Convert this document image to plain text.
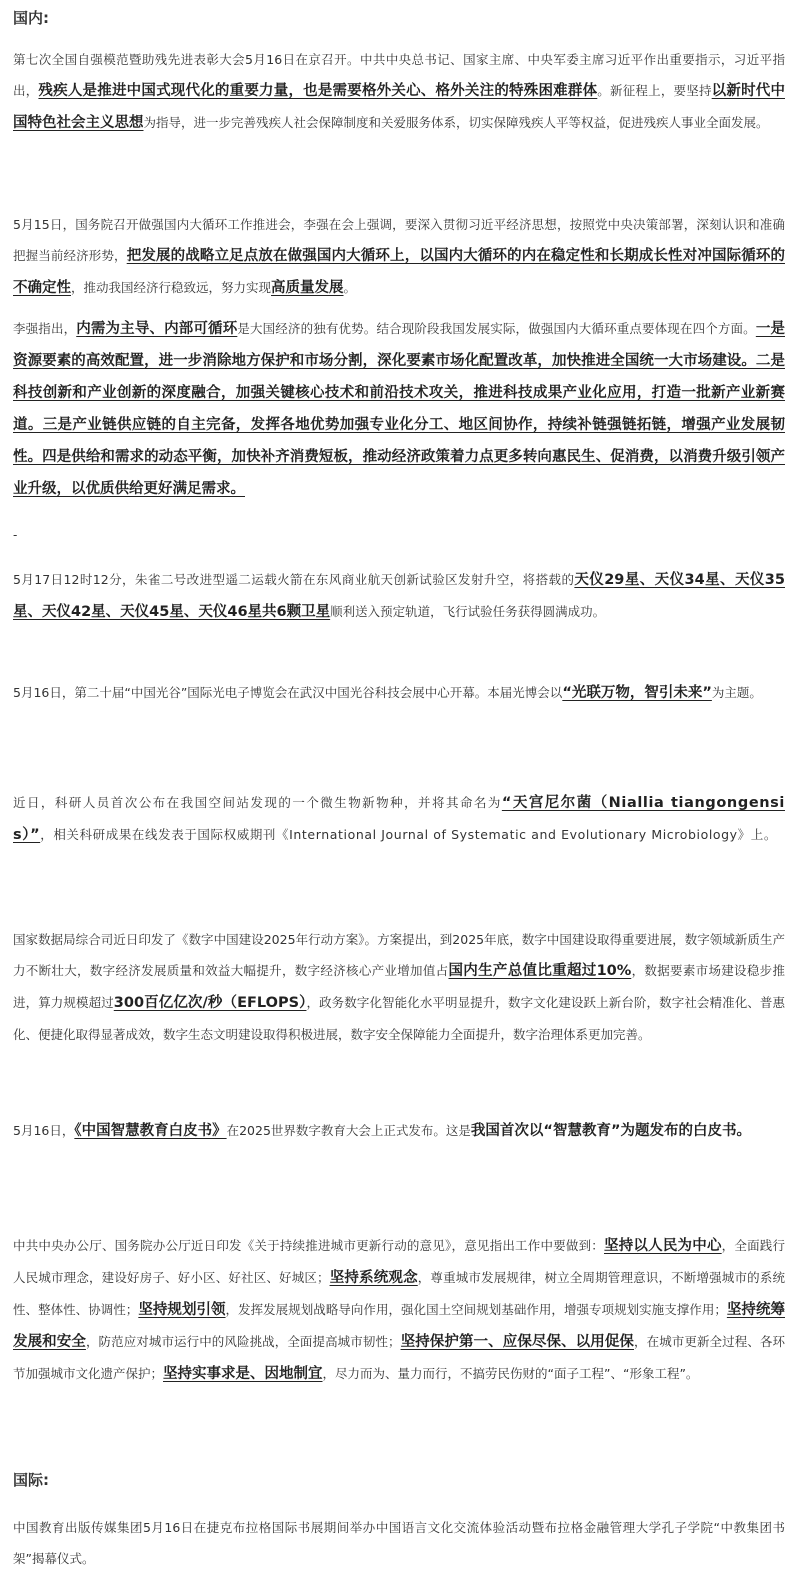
国内:

第七次全国自强模范暨助残先进表彰大会5月16日在京召开。中共中央总书记、国家主席、中央军委主席习近平作出重要指示，习近平指出，残疾人是推进中国式现代化的重要力量，也是需要格外关心、格外关注的特殊困难群体。新征程上，要坚持以新时代中国特色社会主义思想为指导，进一步完善残疾人社会保障制度和关爱服务体系，切实保障残疾人平等权益，促进残疾人事业全面发展。

5月15日，国务院召开做强国内大循环工作推进会，李强在会上强调，要深入贯彻习近平经济思想，按照党中央决策部署，深刻认识和准确把握当前经济形势，把发展的战略立足点放在做强国内大循环上，以国内大循环的内在稳定性和长期成长性对冲国际循环的不确定性，推动我国经济行稳致远，努力实现高质量发展。

李强指出，内需为主导、内部可循环是大国经济的独有优势。结合现阶段我国发展实际，做强国内大循环重点要体现在四个方面。一是资源要素的高效配置，进一步消除地方保护和市场分割，深化要素市场化配置改革，加快推进全国统一大市场建设。二是科技创新和产业创新的深度融合，加强关键核心技术和前沿技术攻关，推进科技成果产业化应用，打造一批新产业新赛道。三是产业链供应链的自主完备，发挥各地优势加强专业化分工、地区间协作，持续补链强链拓链，增强产业发展韧性。四是供给和需求的动态平衡，加快补齐消费短板，推动经济政策着力点更多转向惠民生、促消费，以消费升级引领产业升级，以优质供给更好满足需求。

-

5月17日12时12分，朱雀二号改进型遥二运载火箭在东风商业航天创新试验区发射升空，将搭载的天仪29星、天仪34星、天仪35星、天仪42星、天仪45星、天仪46星共6颗卫星顺利送入预定轨道，飞行试验任务获得圆满成功。

5月16日，第二十届“中国光谷”国际光电子博览会在武汉中国光谷科技会展中心开幕。本届光博会以“光联万物，智引未来”为主题。

近日，科研人员首次公布在我国空间站发现的一个微生物新物种，并将其命名为“天宫尼尔菌（Niallia tiangongensis）”，相关科研成果在线发表于国际权威期刊《International Journal of Systematic and Evolutionary Microbiology》上。

国家数据局综合司近日印发了《数字中国建设2025年行动方案》。方案提出，到2025年底，数字中国建设取得重要进展，数字领域新质生产力不断壮大，数字经济发展质量和效益大幅提升，数字经济核心产业增加值占国内生产总值比重超过10%，数据要素市场建设稳步推进，算力规模超过300百亿亿次/秒（EFLOPS），政务数字化智能化水平明显提升，数字文化建设跃上新台阶，数字社会精准化、普惠化、便捷化取得显著成效，数字生态文明建设取得积极进展，数字安全保障能力全面提升，数字治理体系更加完善。

5月16日，《中国智慧教育白皮书》在2025世界数字教育大会上正式发布。这是我国首次以“智慧教育”为题发布的白皮书。

中共中央办公厅、国务院办公厅近日印发《关于持续推进城市更新行动的意见》，意见指出工作中要做到：坚持以人民为中心，全面践行人民城市理念，建设好房子、好小区、好社区、好城区；坚持系统观念，尊重城市发展规律，树立全周期管理意识，不断增强城市的系统性、整体性、协调性；坚持规划引领，发挥发展规划战略导向作用，强化国土空间规划基础作用，增强专项规划实施支撑作用；坚持统筹发展和安全，防范应对城市运行中的风险挑战，全面提高城市韧性；坚持保护第一、应保尽保、以用促保，在城市更新全过程、各环节加强城市文化遗产保护；坚持实事求是、因地制宜，尽力而为、量力而行，不搞劳民伤财的“面子工程”、“形象工程”。

国际:

中国教育出版传媒集团5月16日在捷克布拉格国际书展期间举办中国语言文化交流体验活动暨布拉格金融管理大学孔子学院“中教集团书架”揭幕仪式。
